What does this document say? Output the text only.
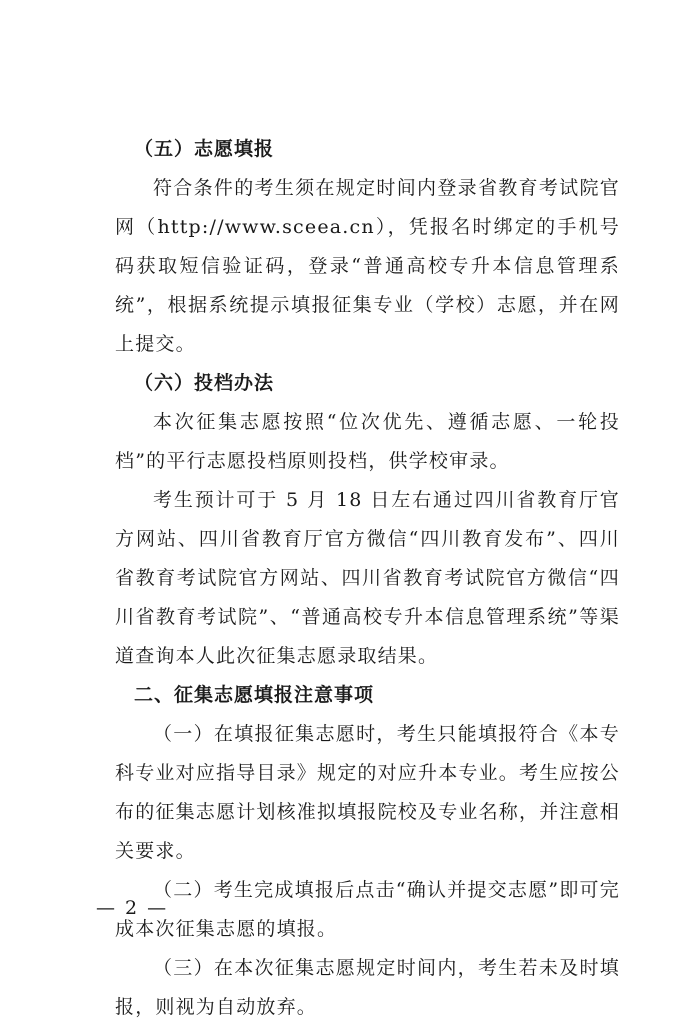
（五）志愿填报

符合条件的考生须在规定时间内登录省教育考试院官网（http://www.sceea.cn），凭报名时绑定的手机号码获取短信验证码，登录“普通高校专升本信息管理系统”，根据系统提示填报征集专业（学校）志愿，并在网上提交。

（六）投档办法

本次征集志愿按照“位次优先、遵循志愿、一轮投档”的平行志愿投档原则投档，供学校审录。

考生预计可于 5 月 18 日左右通过四川省教育厅官方网站、四川省教育厅官方微信“四川教育发布”、四川省教育考试院官方网站、四川省教育考试院官方微信“四川省教育考试院”、“普通高校专升本信息管理系统”等渠道查询本人此次征集志愿录取结果。

二、征集志愿填报注意事项

（一）在填报征集志愿时，考生只能填报符合《本专科专业对应指导目录》规定的对应升本专业。考生应按公布的征集志愿计划核准拟填报院校及专业名称，并注意相关要求。

（二）考生完成填报后点击“确认并提交志愿”即可完成本次征集志愿的填报。

（三）在本次征集志愿规定时间内，考生若未及时填报，则视为自动放弃。

— 2 —
